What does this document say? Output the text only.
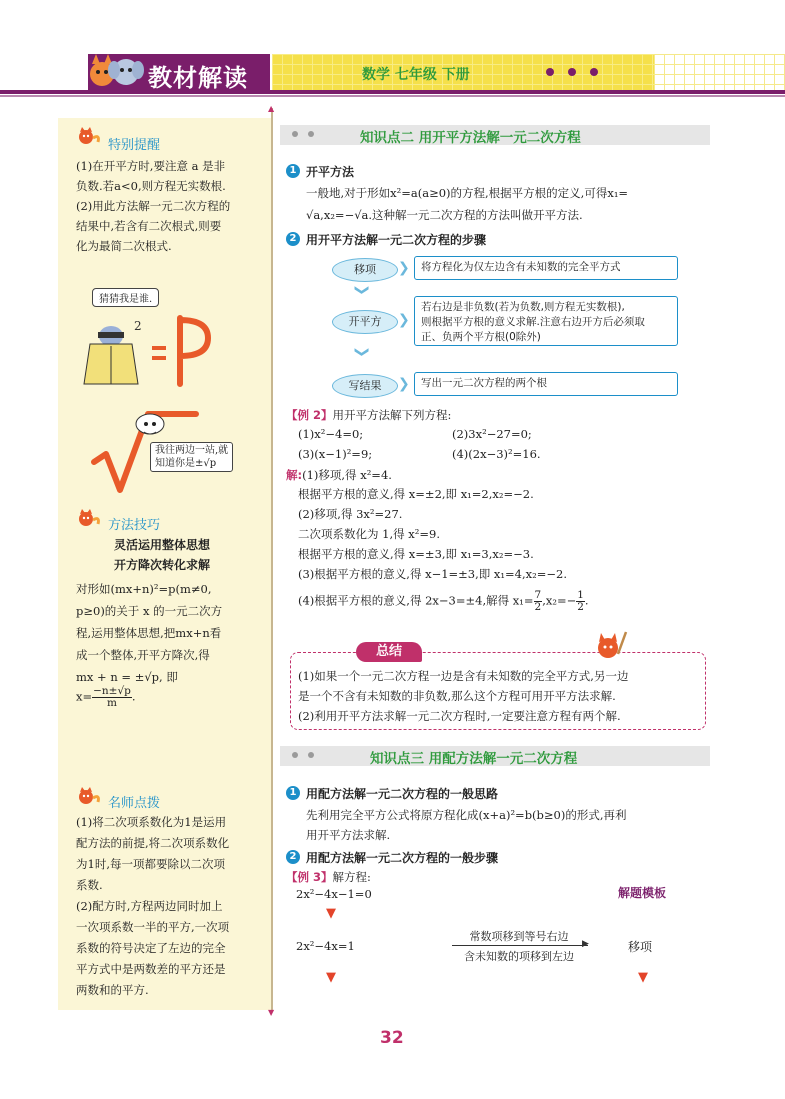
教材解读	数学 七年级 下册
▲
▼
特别提醒
(1)在开平方时,要注意 a 是非
负数.若a<0,则方程无实数根.
(2)用此方法解一元二次方程的
结果中,若含有二次根式,则要
化为最简二次根式.
猜猜我是谁.
2
我往两边一站,就
知道你是±√p
方法技巧
灵活运用整体思想
开方降次转化求解
对形如(mx+n)²=p(m≠0,
p≥0)的关于 x 的一元二次方
程,运用整体思想,把mx+n看
成一个整体,开平方降次,得
mx + n = ±√p, 即
$x= \frac{-n\pm√p}{m}$ .
名师点拨
(1)将二次项系数化为1是运用
配方法的前提,将二次项系数化
为1时,每一项都要除以二次项
系数.
(2)配方时,方程两边同时加上
一次项系数一半的平方,一次项
系数的符号决定了左边的完全
平方式中是两数差的平方还是
两数和的平方.
知识点二 用开平方法解一元二次方程
1 开平方法
一般地,对于形如x²=a(a≥0)的方程,根据平方根的定义,可得x₁=
√a,x₂=−√a.这种解一元二次方程的方法叫做开平方法.
2 用开平方法解一元二次方程的步骤
移项	❯	将方程化为仅左边含有未知数的完全平方式
❯
开平方	❯
若右边是非负数(若为负数,则方程无实数根),
则根据平方根的意义求解.注意右边开方后必须取
正、负两个平方根(0除外)
❯
写结果	❯	写出一元二次方程的两个根
【例 2】用开平方法解下列方程:
(1)x²−4=0;	(2)3x²−27=0;
(3)(x−1)²=9;	(4)(2x−3)²=16.
解:(1)移项,得 x²=4.
根据平方根的意义,得 x=±2,即 x₁=2,x₂=−2.
(2)移项,得 3x²=27.
二次项系数化为 1,得 x²=9.
根据平方根的意义,得 x=±3,即 x₁=3,x₂=−3.
(3)根据平方根的意义,得 x−1=±3,即 x₁=4,x₂=−2.
(4)根据平方根的意义,得 2x−3=±4,解得 $x_1= \frac{7}{2} ,x_2=- \frac{1}{2}$ .
总结
(1)如果一个一元二次方程一边是含有未知数的完全平方式,另一边
是一个不含有未知数的非负数,那么这个方程可用开平方法求解.
(2)利用开平方法求解一元二次方程时,一定要注意方程有两个解.
知识点三 用配方法解一元二次方程
1 用配方法解一元二次方程的一般思路
先利用完全平方公式将原方程化成(x+a)²=b(b≥0)的形式,再利
用开平方法求解.
2 用配方法解一元二次方程的一般步骤
【例 3】解方程:
解题模板
2x²−4x−1=0
▼
2x²−4x=1
常数项移到等号右边
▶
含未知数的项移到左边
移项
▼	▼
32
